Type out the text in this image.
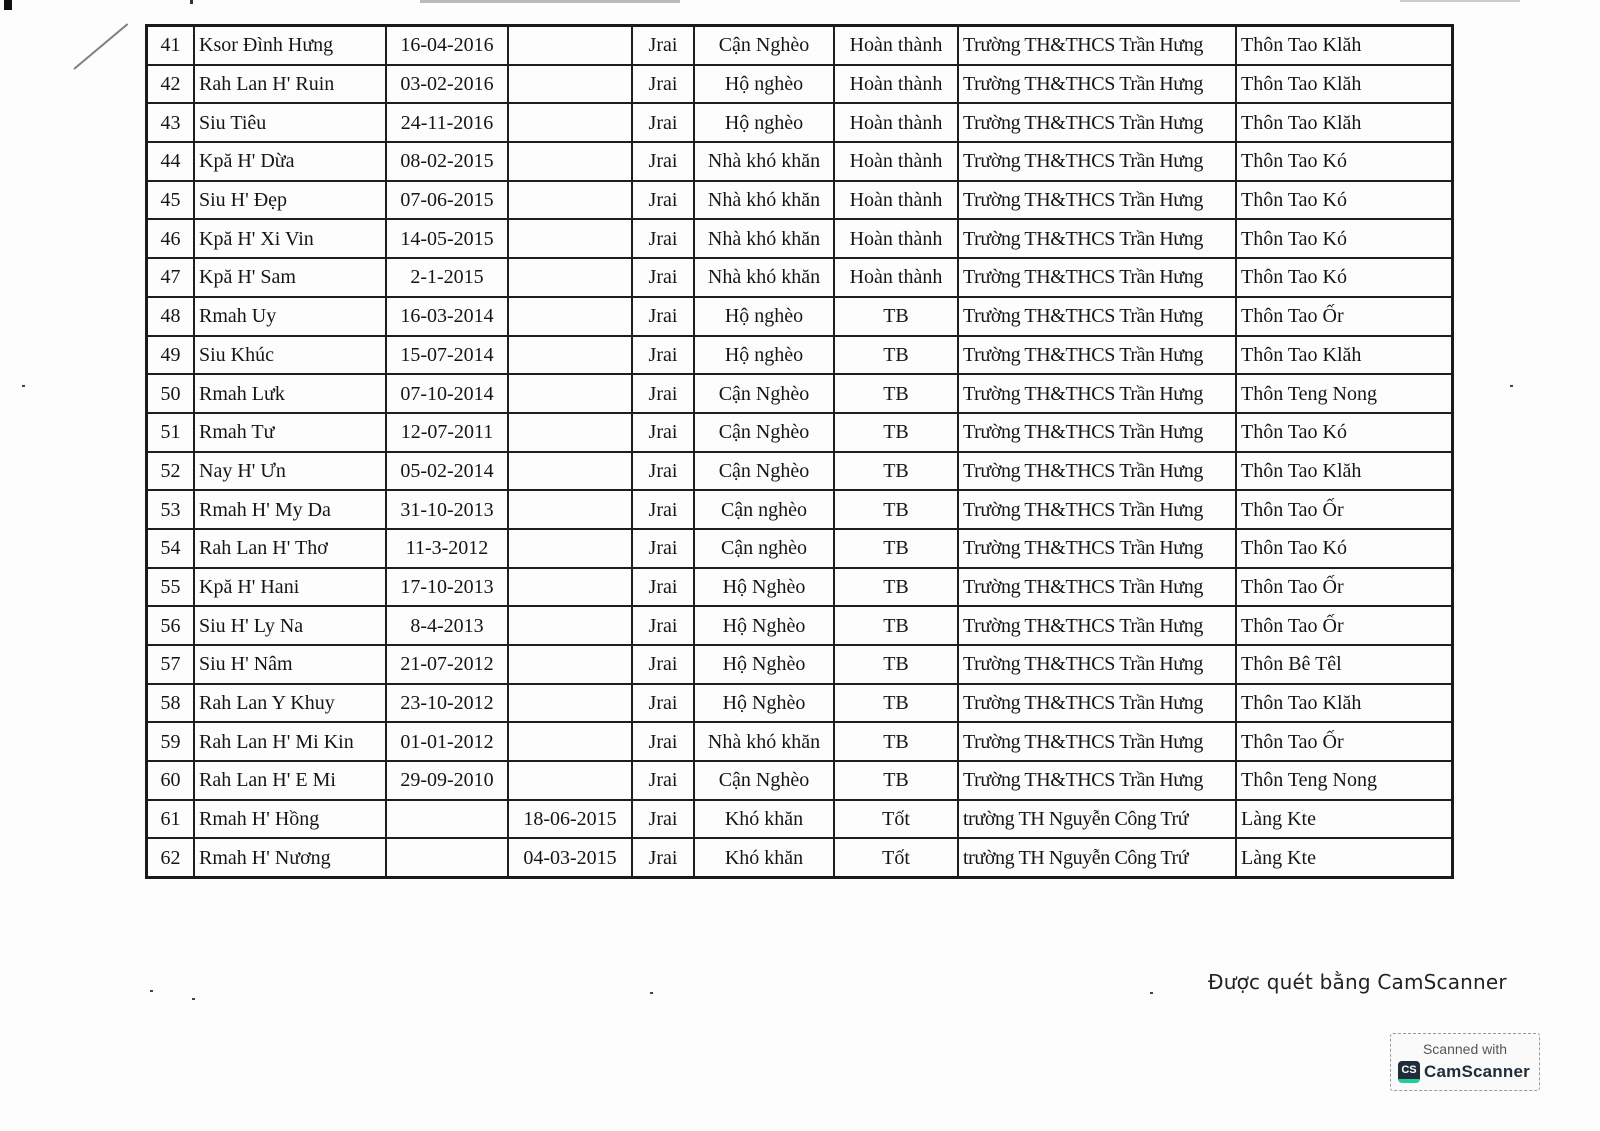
41	Ksor Đình Hưng	16-04-2016		Jrai	Cận Nghèo	Hoàn thành	Trường TH&THCS Trần Hưng	Thôn Tao Klăh
42	Rah Lan H' Ruin	03-02-2016		Jrai	Hộ nghèo	Hoàn thành	Trường TH&THCS Trần Hưng	Thôn Tao Klăh
43	Siu Tiêu	24-11-2016		Jrai	Hộ nghèo	Hoàn thành	Trường TH&THCS Trần Hưng	Thôn Tao Klăh
44	Kpă H' Dừa	08-02-2015		Jrai	Nhà khó khăn	Hoàn thành	Trường TH&THCS Trần Hưng	Thôn Tao Kó
45	Siu H' Đẹp	07-06-2015		Jrai	Nhà khó khăn	Hoàn thành	Trường TH&THCS Trần Hưng	Thôn Tao Kó
46	Kpă H' Xi Vin	14-05-2015		Jrai	Nhà khó khăn	Hoàn thành	Trường TH&THCS Trần Hưng	Thôn Tao Kó
47	Kpă H' Sam	2-1-2015		Jrai	Nhà khó khăn	Hoàn thành	Trường TH&THCS Trần Hưng	Thôn Tao Kó
48	Rmah Uy	16-03-2014		Jrai	Hộ nghèo	TB	Trường TH&THCS Trần Hưng	Thôn Tao Ốr
49	Siu Khúc	15-07-2014		Jrai	Hộ nghèo	TB	Trường TH&THCS Trần Hưng	Thôn Tao Klăh
50	Rmah Lưk	07-10-2014		Jrai	Cận Nghèo	TB	Trường TH&THCS Trần Hưng	Thôn Teng Nong
51	Rmah Tư	12-07-2011		Jrai	Cận Nghèo	TB	Trường TH&THCS Trần Hưng	Thôn Tao Kó
52	Nay H' Ưn	05-02-2014		Jrai	Cận Nghèo	TB	Trường TH&THCS Trần Hưng	Thôn Tao Klăh
53	Rmah H' My Da	31-10-2013		Jrai	Cận nghèo	TB	Trường TH&THCS Trần Hưng	Thôn Tao Ốr
54	Rah Lan H' Thơ	11-3-2012		Jrai	Cận nghèo	TB	Trường TH&THCS Trần Hưng	Thôn Tao Kó
55	Kpă H' Hani	17-10-2013		Jrai	Hộ Nghèo	TB	Trường TH&THCS Trần Hưng	Thôn Tao Ốr
56	Siu H' Ly Na	8-4-2013		Jrai	Hộ Nghèo	TB	Trường TH&THCS Trần Hưng	Thôn Tao Ốr
57	Siu H' Nâm	21-07-2012		Jrai	Hộ Nghèo	TB	Trường TH&THCS Trần Hưng	Thôn Bê Têl
58	Rah Lan Y Khuy	23-10-2012		Jrai	Hộ Nghèo	TB	Trường TH&THCS Trần Hưng	Thôn Tao Klăh
59	Rah Lan H' Mi Kin	01-01-2012		Jrai	Nhà khó khăn	TB	Trường TH&THCS Trần Hưng	Thôn Tao Ốr
60	Rah Lan H' E Mi	29-09-2010		Jrai	Cận Nghèo	TB	Trường TH&THCS Trần Hưng	Thôn Teng Nong
61	Rmah H' Hồng		18-06-2015	Jrai	Khó khăn	Tốt	trường TH Nguyễn Công Trứ	Làng Kte
62	Rmah H' Nương		04-03-2015	Jrai	Khó khăn	Tốt	trường TH Nguyễn Công Trứ	Làng Kte
Được quét bằng CamScanner
Scanned with
CS CamScanner
